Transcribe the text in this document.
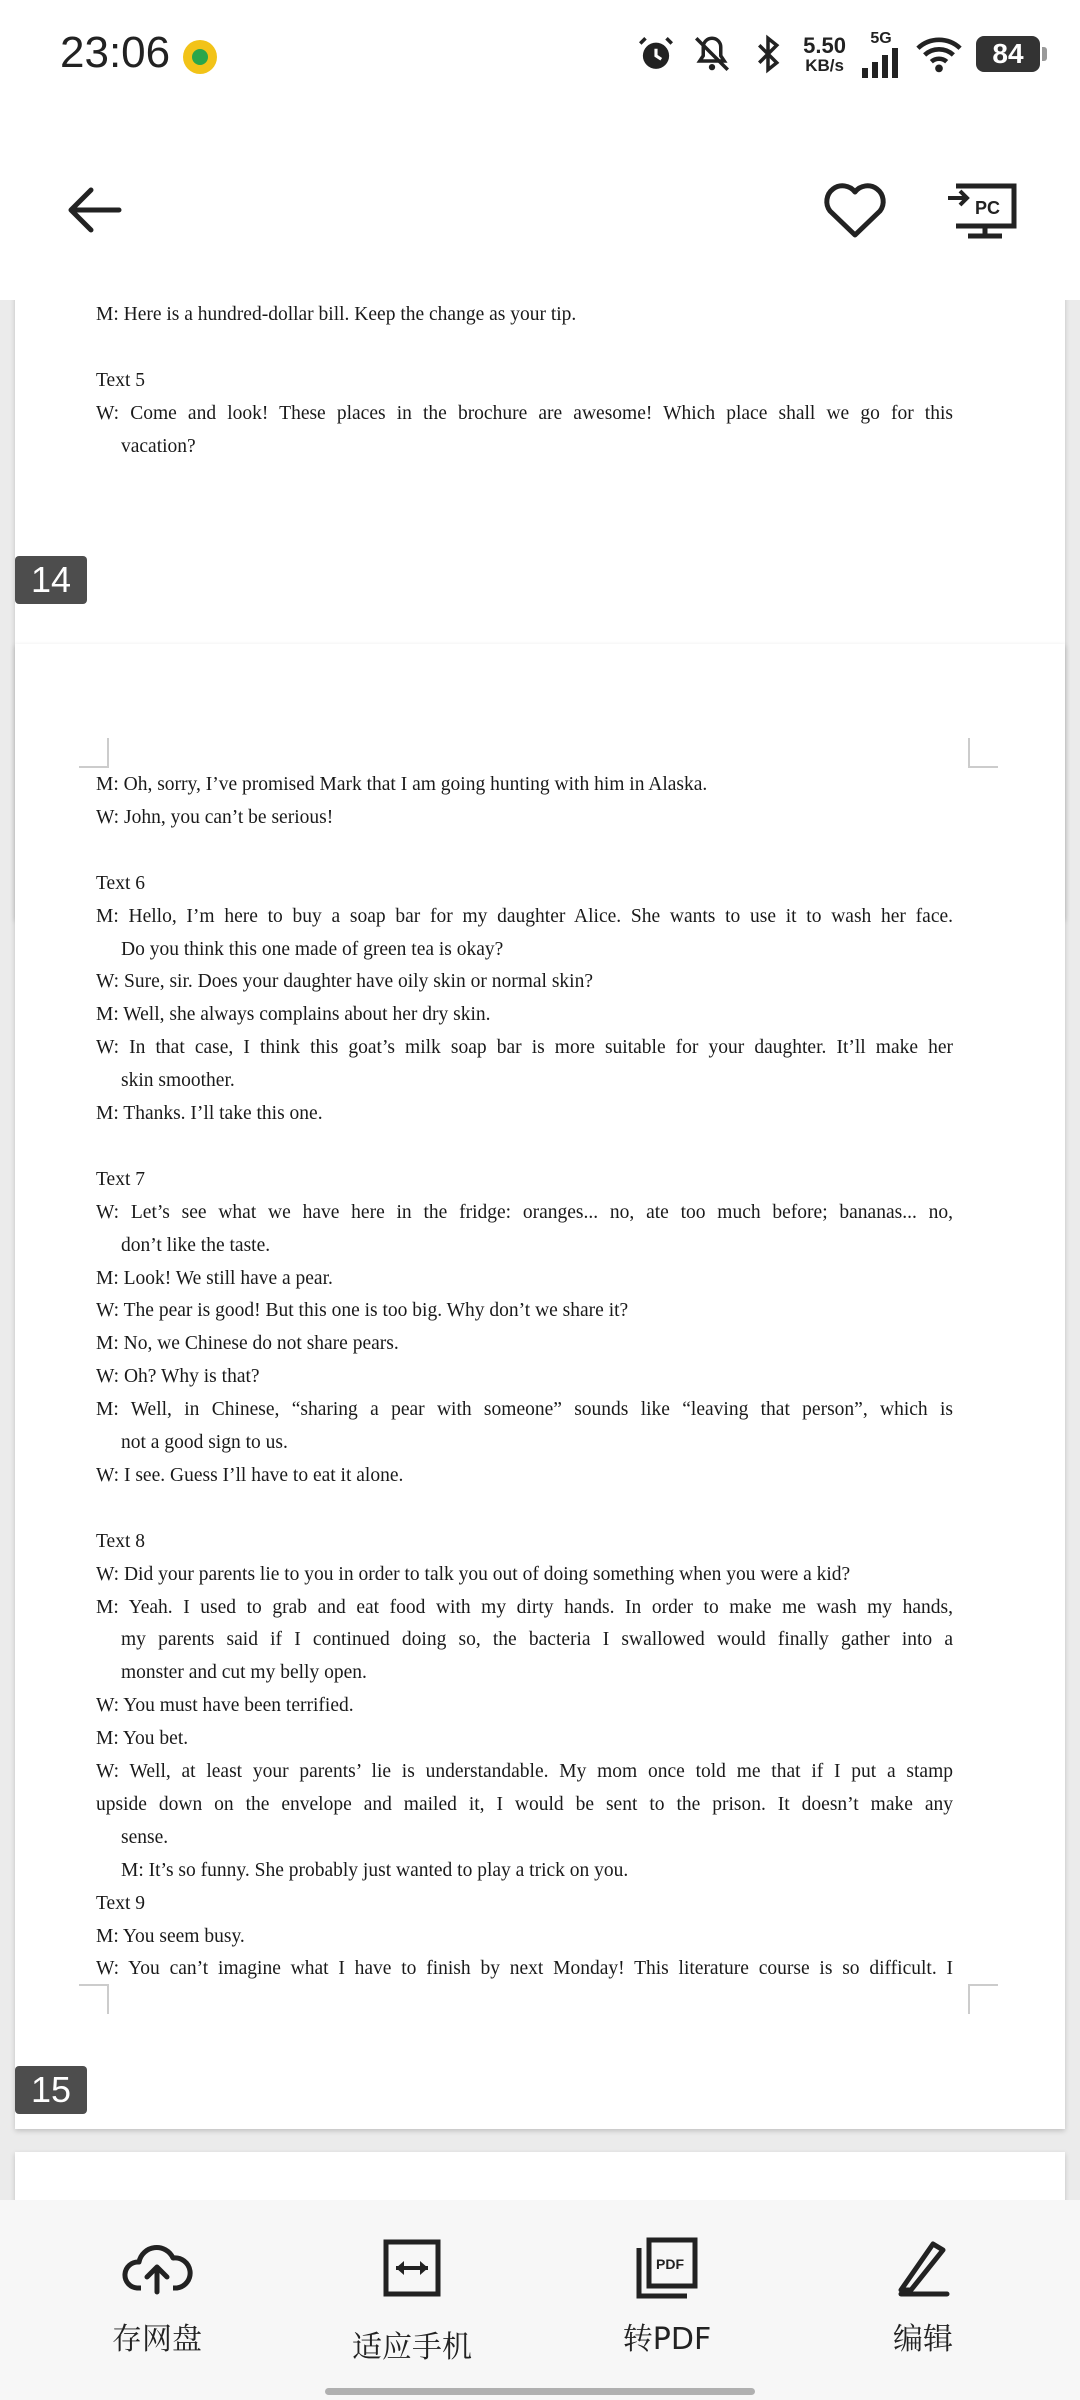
23:06	5.50
KB/s
5G	84
PC
M: Here is a hundred-dollar bill. Keep the change as your tip.
Text 5
W: Come and look! These places in the brochure are awesome! Which place shall we go for this
vacation?
14
M: Oh, sorry, I’ve promised Mark that I am going hunting with him in Alaska.
W: John, you can’t be serious!
Text 6
M: Hello, I’m here to buy a soap bar for my daughter Alice. She wants to use it to wash her face.
Do you think this one made of green tea is okay?
W: Sure, sir. Does your daughter have oily skin or normal skin?
M: Well, she always complains about her dry skin.
W: In that case, I think this goat’s milk soap bar is more suitable for your daughter. It’ll make her
skin smoother.
M: Thanks. I’ll take this one.
Text 7
W: Let’s see what we have here in the fridge: oranges... no, ate too much before; bananas... no,
don’t like the taste.
M: Look! We still have a pear.
W: The pear is good! But this one is too big. Why don’t we share it?
M: No, we Chinese do not share pears.
W: Oh? Why is that?
M: Well, in Chinese, “sharing a pear with someone” sounds like “leaving that person”, which is
not a good sign to us.
W: I see. Guess I’ll have to eat it alone.
Text 8
W: Did your parents lie to you in order to talk you out of doing something when you were a kid?
M: Yeah. I used to grab and eat food with my dirty hands. In order to make me wash my hands,
my parents said if I continued doing so, the bacteria I swallowed would finally gather into a
monster and cut my belly open.
W: You must have been terrified.
M: You bet.
W: Well, at least your parents’ lie is understandable. My mom once told me that if I put a stamp
upside down on the envelope and mailed it, I would be sent to the prison. It doesn’t make any
sense.
M: It’s so funny. She probably just wanted to play a trick on you.
Text 9
M: You seem busy.
W: You can’t imagine what I have to finish by next Monday! This literature course is so difficult. I
15
存网盘	适应手机
PDF
转PDF	编辑
